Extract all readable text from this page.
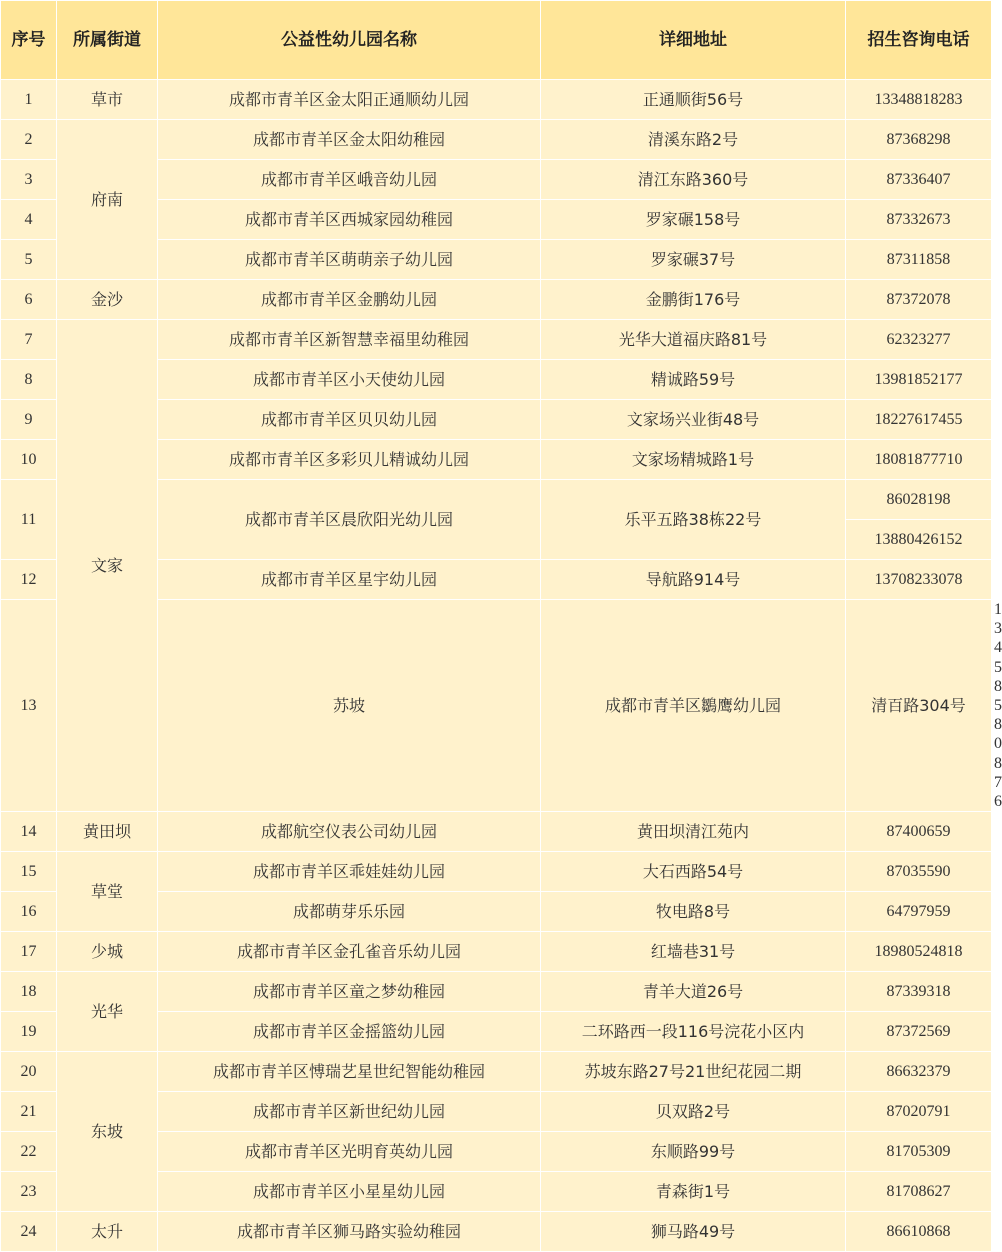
序号	所属街道	公益性幼儿园名称	详细地址	招生咨询电话	
1	草市	成都市青羊区金太阳正通顺幼儿园	正通顺街56号	13348818283	
2	府南	成都市青羊区金太阳幼稚园	清溪东路2号	87368298	
3		成都市青羊区峨音幼儿园	清江东路360号	87336407	
4		成都市青羊区西城家园幼稚园	罗家碾158号	87332673	
5		成都市青羊区萌萌亲子幼儿园	罗家碾37号	87311858	
6	金沙	成都市青羊区金鹏幼儿园	金鹏街176号	87372078	
7	文家	成都市青羊区新智慧幸福里幼稚园	光华大道福庆路81号	62323277	
8		成都市青羊区小天使幼儿园	精诚路59号	13981852177	
9		成都市青羊区贝贝幼儿园	文家场兴业街48号	18227617455	
10		成都市青羊区多彩贝儿精诚幼儿园	文家场精城路1号	18081877710	
11		成都市青羊区晨欣阳光幼儿园	乐平五路38栋22号	86028198	
				13880426152	
12		成都市青羊区星宇幼儿园	导航路914号	13708233078	
13		苏坡	成都市青羊区鶵鹰幼儿园	清百路304号	13458580876
14	黄田坝	成都航空仪表公司幼儿园	黄田坝清江苑内	87400659	
15	草堂	成都市青羊区乖娃娃幼儿园	大石西路54号	87035590	
16		成都萌芽乐乐园	牧电路8号	64797959	
17	少城	成都市青羊区金孔雀音乐幼儿园	红墙巷31号	18980524818	
18	光华	成都市青羊区童之梦幼稚园	青羊大道26号	87339318	
19		成都市青羊区金摇篮幼儿园	二环路西一段116号浣花小区内	87372569	
20	东坡	成都市青羊区愽瑞艺星世纪智能幼稚园	苏坡东路27号21世纪花园二期	86632379	
21		成都市青羊区新世纪幼儿园	贝双路2号	87020791	
22		成都市青羊区光明育英幼儿园	东顺路99号	81705309	
23		成都市青羊区小星星幼儿园	青森街1号	81708627	
24	太升	成都市青羊区狮马路实验幼稚园	狮马路49号	86610868	
